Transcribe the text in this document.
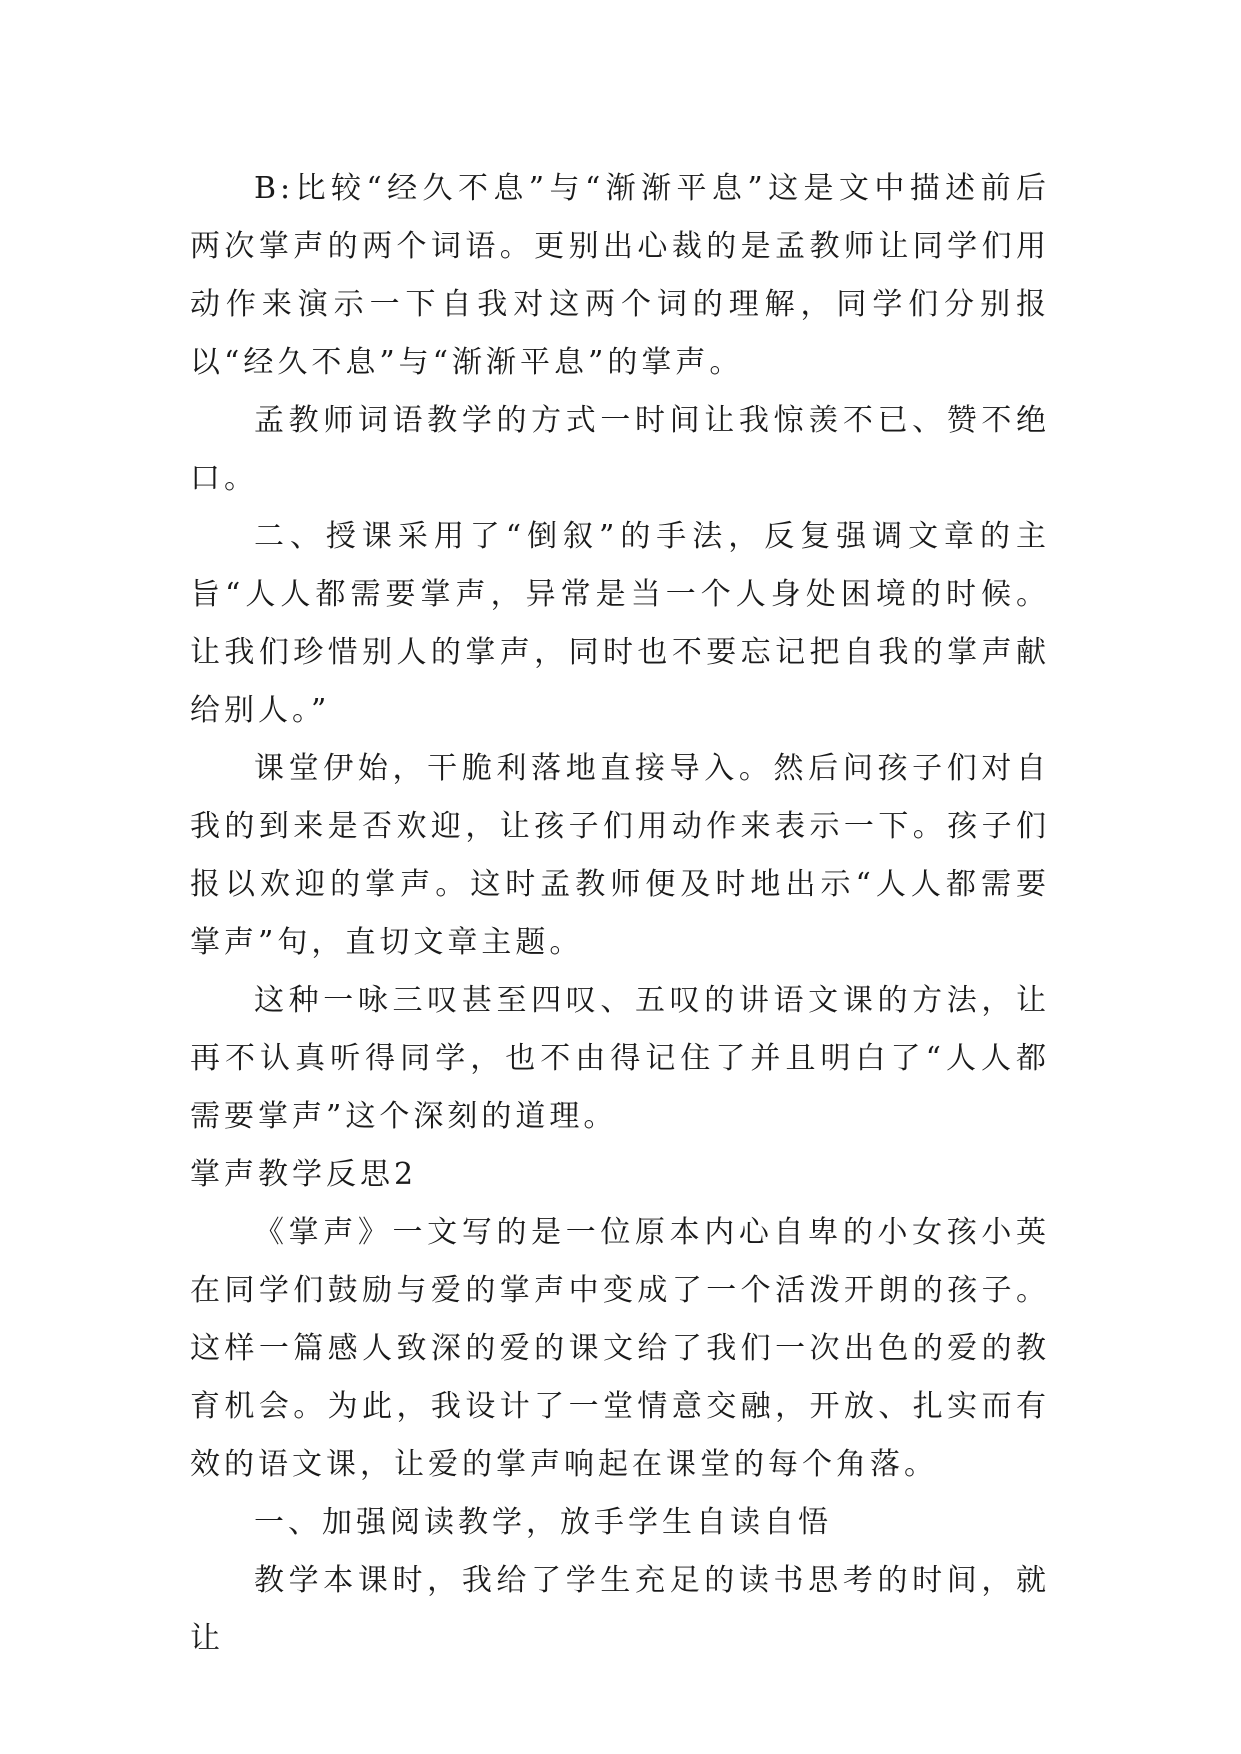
B:比较“经久不息”与“渐渐平息”这是文中描述前后两次掌声的两个词语。更别出心裁的是孟教师让同学们用动作来演示一下自我对这两个词的理解，同学们分别报以“经久不息”与“渐渐平息”的掌声。

孟教师词语教学的方式一时间让我惊羡不已、赞不绝口。

二、授课采用了“倒叙”的手法，反复强调文章的主旨“人人都需要掌声，异常是当一个人身处困境的时候。让我们珍惜别人的掌声，同时也不要忘记把自我的掌声献给别人。”

课堂伊始，干脆利落地直接导入。然后问孩子们对自我的到来是否欢迎，让孩子们用动作来表示一下。孩子们报以欢迎的掌声。这时孟教师便及时地出示“人人都需要掌声”句，直切文章主题。

这种一咏三叹甚至四叹、五叹的讲语文课的方法，让再不认真听得同学，也不由得记住了并且明白了“人人都需要掌声”这个深刻的道理。

掌声教学反思2

《掌声》一文写的是一位原本内心自卑的小女孩小英在同学们鼓励与爱的掌声中变成了一个活泼开朗的孩子。这样一篇感人致深的爱的课文给了我们一次出色的爱的教育机会。为此，我设计了一堂情意交融，开放、扎实而有效的语文课，让爱的掌声响起在课堂的每个角落。

一、加强阅读教学，放手学生自读自悟

教学本课时，我给了学生充足的读书思考的时间，就让
